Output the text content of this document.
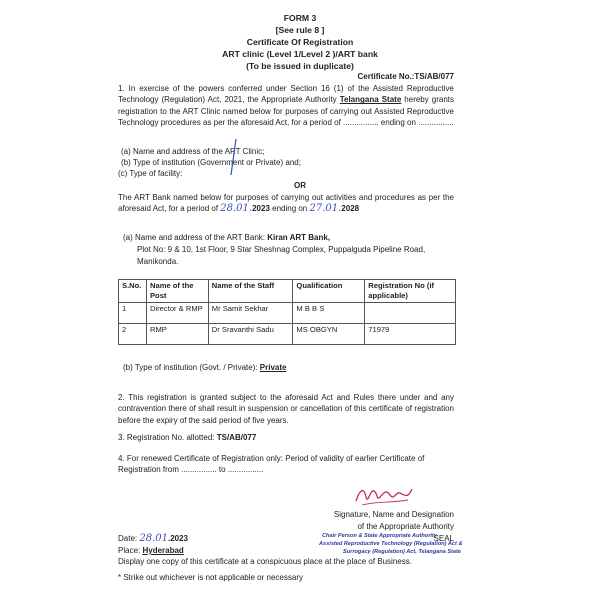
FORM 3
[See rule 8 ]
Certificate Of Registration
ART clinic (Level 1/Level 2 )/ART bank
(To be issued in duplicate)
Certificate No.:TS/AB/077
1. In exercise of the powers conferred under Section 16 (1) of the Assisted Reproductive Technology (Regulation) Act, 2021, the Appropriate Authority Telangana State hereby grants registration to the ART Clinic named below for purposes of carrying out Assisted Reproductive Technology procedures as per the aforesaid Act, for a period of ................ ending on ................
(a) Name and address of the ART Clinic;
(b) Type of institution (Government or Private) and;
(c) Type of facility:
OR
The ART Bank named below for purposes of carrying out activities and procedures as per the aforesaid Act, for a period of 28.01.2023 ending on 27.01.2028
(a) Name and address of the ART Bank: Kiran ART Bank,
Plot No: 9 & 10, 1st Floor, 9 Star Sheshnag Complex, Puppalguda Pipeline Road,
Manikonda.
S.No.	Name of the Post	Name of the Staff	Qualification	Registration No (if applicable)
1	Director & RMP	Mr Samit Sekhar	M B B S	
2	RMP	Dr Sravanthi Sadu	MS OBGYN	71979
(b) Type of institution (Govt. / Private): Private
2. This registration is granted subject to the aforesaid Act and Rules there under and any contravention there of shall result in suspension or cancellation of this certificate of registration before the expiry of the said period of five years.
3. Registration No. allotted: TS/AB/077
4. For renewed Certificate of Registration only: Period of validity of earlier Certificate of Registration from ................ to ................
Signature, Name and Designation
of the Appropriate Authority
SEAL
Chair Person & State Appropriate Authority
Assisted Reproductive Technology (Regulation) Act &
Surrogacy (Regulation) Act, Telangana State
Date: 28.01.2023
Place: Hyderabad
Display one copy of this certificate at a conspicuous place at the place of Business.
* Strike out whichever is not applicable or necessary
